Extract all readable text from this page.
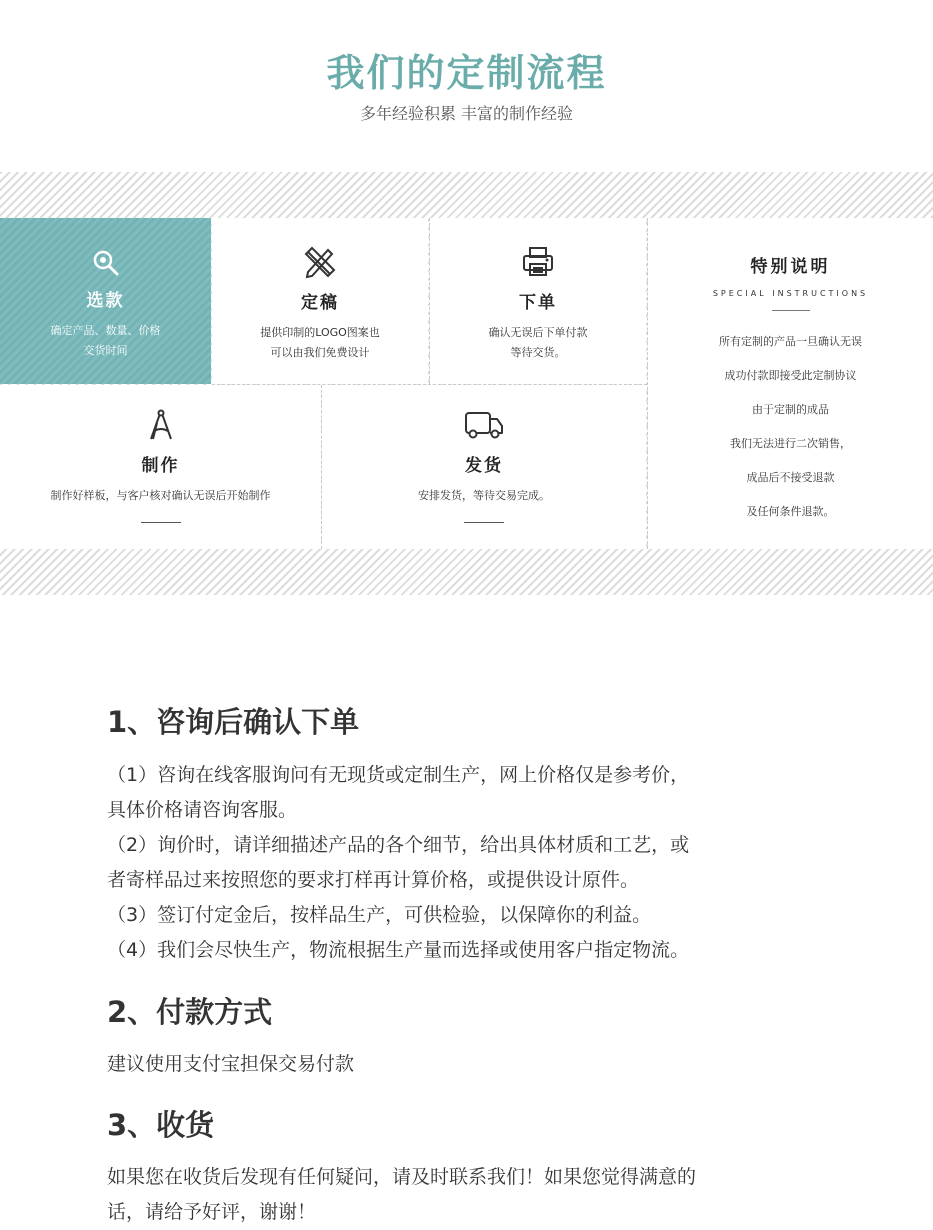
我们的定制流程
多年经验积累 丰富的制作经验
选款
确定产品、数量、价格
交货时间
定稿
提供印制的LOGO图案也
可以由我们免费设计
下单
确认无误后下单付款
等待交货。
制作
制作好样板，与客户核对确认无误后开始制作
发货
安排发货，等待交易完成。
特别说明
SPECIAL INSTRUCTIONS
所有定制的产品一旦确认无误
成功付款即接受此定制协议
由于定制的成品
我们无法进行二次销售，
成品后不接受退款
及任何条件退款。
1、咨询后确认下单
（1）咨询在线客服询问有无现货或定制生产，网上价格仅是参考价，
具体价格请咨询客服。
（2）询价时，请详细描述产品的各个细节，给出具体材质和工艺，或
者寄样品过来按照您的要求打样再计算价格，或提供设计原件。
（3）签订付定金后，按样品生产，可供检验，以保障你的利益。
（4）我们会尽快生产，物流根据生产量而选择或使用客户指定物流。
2、付款方式
建议使用支付宝担保交易付款
3、收货
如果您在收货后发现有任何疑问，请及时联系我们！如果您觉得满意的
话，请给予好评，谢谢！
